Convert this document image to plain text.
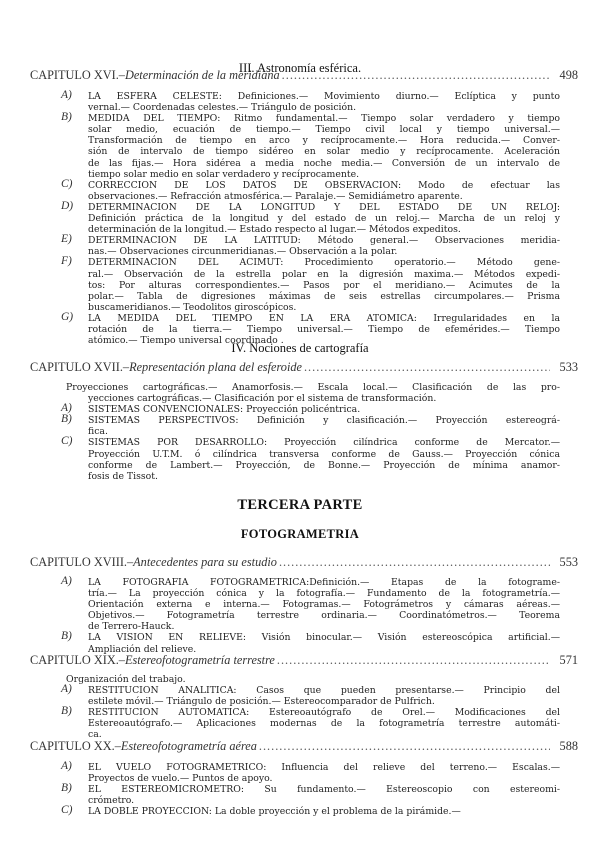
III. Astronomía esférica.
CAPITULO XVI.– Determinación de la meridiana .....	498
A) LA ESFERA CELESTE: Definiciones.— Movimiento diurno.— Eclíptica y punto
vernal.— Coordenadas celestes.— Triángulo de posición.
B) MEDIDA DEL TIEMPO: Ritmo fundamental.— Tiempo solar verdadero y tiempo
solar medio, ecuación de tiempo.— Tiempo civil local y tiempo universal.—
Transformación de tiempo en arco y recíprocamente.— Hora reducida.— Conver-
sión de intervalo de tiempo sidéreo en solar medio y recíprocamente. Aceleración
de las fijas.— Hora sidérea a media noche media.— Conversión de un intervalo de
tiempo solar medio en solar verdadero y recíprocamente.
C) CORRECCION DE LOS DATOS DE OBSERVACION: Modo de efectuar las
observaciones.— Refracción atmosférica.— Paralaje.— Semidiámetro aparente.
D) DETERMINACION DE LA LONGITUD Y DEL ESTADO DE UN RELOJ:
Definición práctica de la longitud y del estado de un reloj.— Marcha de un reloj y
determinación de la longitud.— Estado respecto al lugar.— Métodos expeditos.
E) DETERMINACION DE LA LATITUD: Método general.— Observaciones meridia-
nas.— Observaciones circunmeridianas.— Observación a la polar.
F) DETERMINACION DEL ACIMUT: Procedimiento operatorio.— Método gene-
ral.— Observación de la estrella polar en la digresión maxima.— Métodos expedi-
tos: Por alturas correspondientes.— Pasos por el meridiano.— Acimutes de la
polar.— Tabla de digresiones máximas de seis estrellas circumpolares.— Prisma
buscameridianos.— Teodolitos giroscópicos.
G) LA MEDIDA DEL TIEMPO EN LA ERA ATOMICA: Irregularidades en la
rotación de la tierra.— Tiempo universal.— Tiempo de efemérides.— Tiempo
atómico.— Tiempo universal coordinado .
IV. Nociones de cartografía
CAPITULO XVII.– Representación plana del esferoide .....	533
Proyecciones cartográficas.— Anamorfosis.— Escala local.— Clasificación de las pro-
yecciones cartográficas.— Clasificación por el sistema de transformación.
A) SISTEMAS CONVENCIONALES: Proyección policéntrica.
B) SISTEMAS PERSPECTIVOS: Definición y clasificación.— Proyección estereográ-
fica.
C) SISTEMAS POR DESARROLLO: Proyección cilíndrica conforme de Mercator.—
Proyección U.T.M. ó cilíndrica transversa conforme de Gauss.— Proyección cónica
conforme de Lambert.— Proyección, de Bonne.— Proyección de mínima anamor-
fosis de Tissot.
TERCERA PARTE
FOTOGRAMETRIA
CAPITULO XVIII.– Antecedentes para su estudio .....	553
A) LA FOTOGRAFIA FOTOGRAMETRICA:Definición.— Etapas de la fotograme-
tría.— La proyección cónica y la fotografía.— Fundamento de la fotogrametría.—
Orientación externa e interna.— Fotogramas.— Fotográmetros y cámaras aéreas.—
Objetivos.— Fotogrametría terrestre ordinaria.— Coordinatómetros.— Teorema
de Terrero-Hauck.
B) LA VISION EN RELIEVE: Visión binocular.— Visión estereoscópica artificial.—
Ampliación del relieve.
CAPITULO XIX.– Estereofotogrametría terrestre .....	571
Organización del trabajo.
A) RESTITUCION ANALITICA: Casos que pueden presentarse.— Principio del
estilete móvil.— Triángulo de posición.— Estereocomparador de Pulfrich.
B) RESTITUCION AUTOMATICA: Estereoautógrafo de Orel.— Modificaciones del
Estereoautógrafo.— Aplicaciones modernas de la fotogrametría terrestre automáti-
ca.
CAPITULO XX.– Estereofotogrametría aérea .....	588
A) EL VUELO FOTOGRAMETRICO: Influencia del relieve del terreno.— Escalas.—
Proyectos de vuelo.— Puntos de apoyo.
B) EL ESTEREOMICROMETRO: Su fundamento.— Estereoscopio con estereomi-
crómetro.
C) LA DOBLE PROYECCION: La doble proyección y el problema de la pirámide.—
